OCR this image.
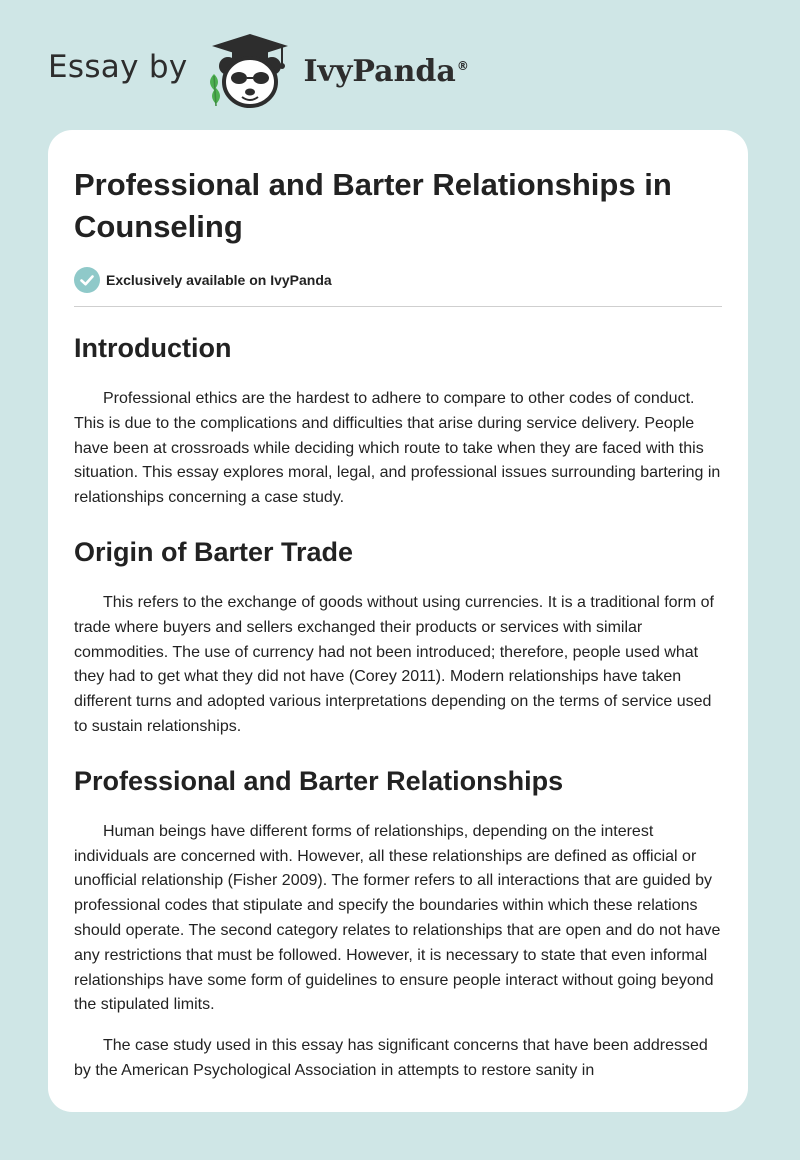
Essay by	IvyPanda®
Professional and Barter Relationships in Counseling
Exclusively available on IvyPanda
Introduction

Professional ethics are the hardest to adhere to compare to other codes of conduct. This is due to the complications and difficulties that arise during service delivery. People have been at crossroads while deciding which route to take when they are faced with this situation. This essay explores moral, legal, and professional issues surrounding bartering in relationships concerning a case study.

Origin of Barter Trade

This refers to the exchange of goods without using currencies. It is a traditional form of trade where buyers and sellers exchanged their products or services with similar commodities. The use of currency had not been introduced; therefore, people used what they had to get what they did not have (Corey 2011). Modern relationships have taken different turns and adopted various interpretations depending on the terms of service used to sustain relationships.

Professional and Barter Relationships

Human beings have different forms of relationships, depending on the interest individuals are concerned with. However, all these relationships are defined as official or unofficial relationship (Fisher 2009). The former refers to all interactions that are guided by professional codes that stipulate and specify the boundaries within which these relations should operate. The second category relates to relationships that are open and do not have any restrictions that must be followed. However, it is necessary to state that even informal relationships have some form of guidelines to ensure people interact without going beyond the stipulated limits.

The case study used in this essay has significant concerns that have been addressed by the American Psychological Association in attempts to restore sanity in
